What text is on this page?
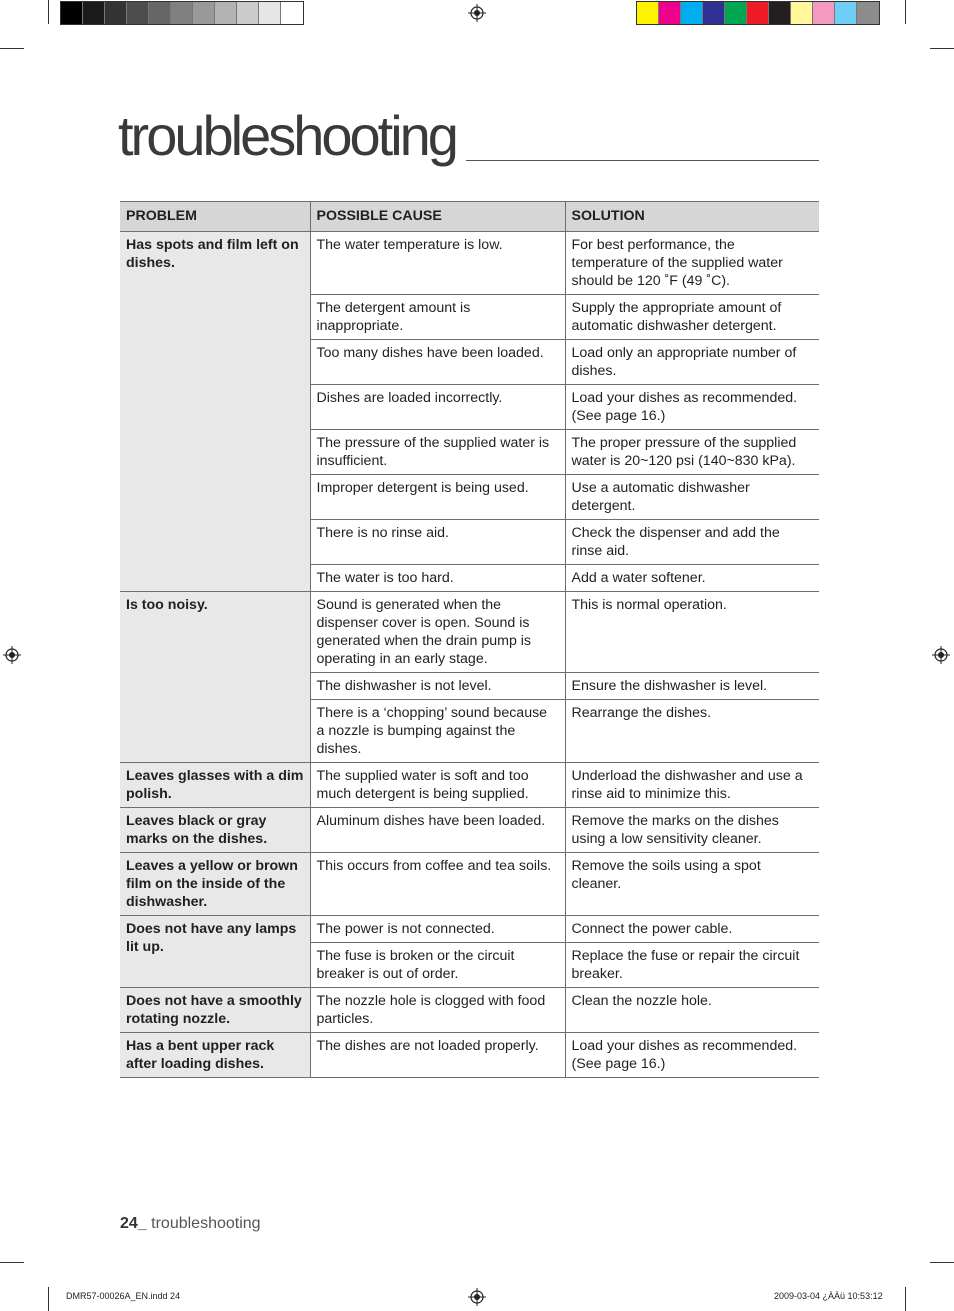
troubleshooting
PROBLEM	POSSIBLE CAUSE	SOLUTION
Has spots and film left on dishes.	The water temperature is low.	For best performance, the temperature of the supplied water should be 120 ˚F (49 ˚C).
	The detergent amount is inappropriate.	Supply the appropriate amount of automatic dishwasher detergent.
	Too many dishes have been loaded.	Load only an appropriate number of dishes.
	Dishes are loaded incorrectly.	Load your dishes as recommended. (See page 16.)
	The pressure of the supplied water is insufficient.	The proper pressure of the supplied water is 20~120 psi (140~830 kPa).
	Improper detergent is being used.	Use a automatic dishwasher detergent.
	There is no rinse aid.	Check the dispenser and add the rinse aid.
	The water is too hard.	Add a water softener.
Is too noisy.	Sound is generated when the dispenser cover is open. Sound is generated when the drain pump is operating in an early stage.	This is normal operation.
	The dishwasher is not level.	Ensure the dishwasher is level.
	There is a ‘chopping’ sound because a nozzle is bumping against the dishes.	Rearrange the dishes.
Leaves glasses with a dim polish.	The supplied water is soft and too much detergent is being supplied.	Underload the dishwasher and use a rinse aid to minimize this.
Leaves black or gray marks on the dishes.	Aluminum dishes have been loaded.	Remove the marks on the dishes using a low sensitivity cleaner.
Leaves a yellow or brown film on the inside of the dishwasher.	This occurs from coffee and tea soils.	Remove the soils using a spot cleaner.
Does not have any lamps lit up.	The power is not connected.	Connect the power cable.
	The fuse is broken or the circuit breaker is out of order.	Replace the fuse or repair the circuit breaker.
Does not have a smoothly rotating nozzle.	The nozzle hole is clogged with food particles.	Clean the nozzle hole.
Has a bent upper rack after loading dishes.	The dishes are not loaded properly.	Load your dishes as recommended. (See page 16.)
24_ troubleshooting
DMR57-00026A_EN.indd 24	2009-03-04 ¿ÀÀü 10:53:12
